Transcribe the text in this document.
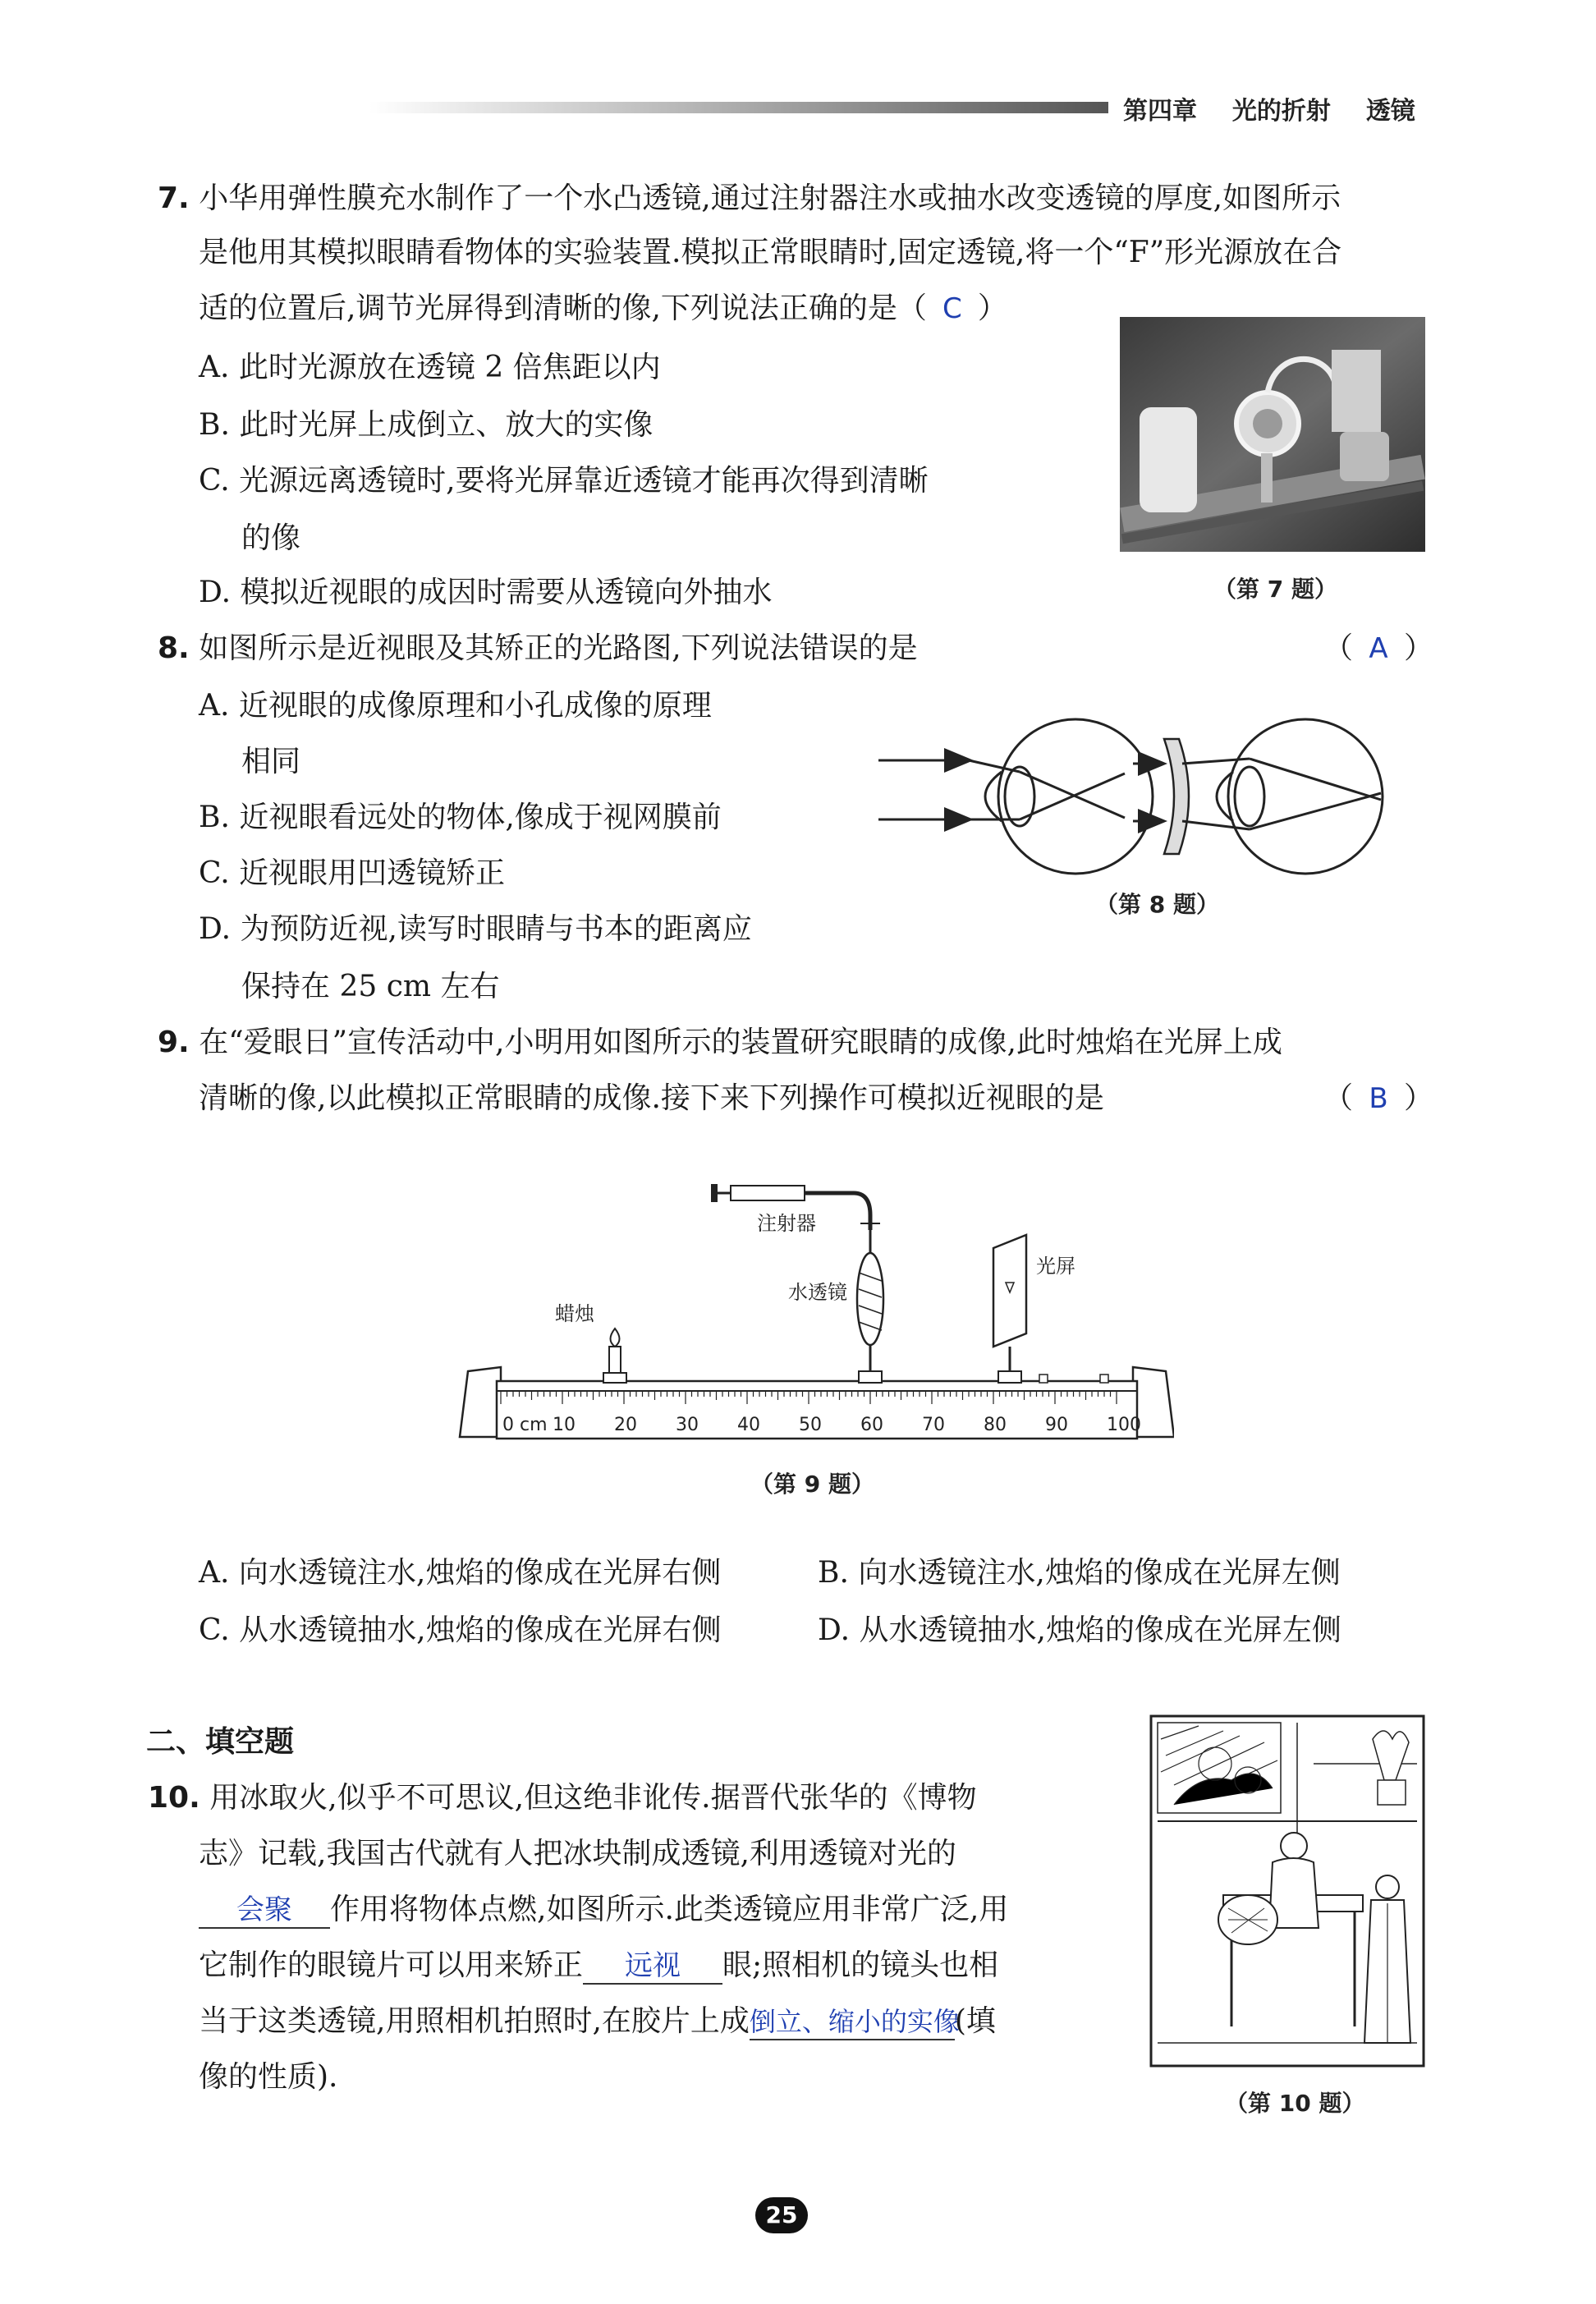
第四章 光的折射 透镜
7. 小华用弹性膜充水制作了一个水凸透镜,通过注射器注水或抽水改变透镜的厚度,如图所示
是他用其模拟眼睛看物体的实验装置.模拟正常眼睛时,固定透镜,将一个“F”形光源放在合
适的位置后,调节光屏得到清晰的像,下列说法正确的是（ C ）
A. 此时光源放在透镜 2 倍焦距以内
B. 此时光屏上成倒立、放大的实像
C. 光源远离透镜时,要将光屏靠近透镜才能再次得到清晰
的像
D. 模拟近视眼的成因时需要从透镜向外抽水	（第 7 题）
8. 如图所示是近视眼及其矫正的光路图,下列说法错误的是	（ A ）
A. 近视眼的成像原理和小孔成像的原理
相同
B. 近视眼看远处的物体,像成于视网膜前
C. 近视眼用凹透镜矫正
D. 为预防近视,读写时眼睛与书本的距离应
保持在 25 cm 左右
（第 8 题）
9. 在“爱眼日”宣传活动中,小明用如图所示的装置研究眼睛的成像,此时烛焰在光屏上成
清晰的像,以此模拟正常眼睛的成像.接下来下列操作可模拟近视眼的是	（ B ）
注射器
水透镜
光屏
蜡烛
0 cm 10 20 30 40 50 60 70 80 90 100
（第 9 题）
A. 向水透镜注水,烛焰的像成在光屏右侧	B. 向水透镜注水,烛焰的像成在光屏左侧
C. 从水透镜抽水,烛焰的像成在光屏右侧	D. 从水透镜抽水,烛焰的像成在光屏左侧
二、填空题
10. 用冰取火,似乎不可思议,但这绝非讹传.据晋代张华的《博物
志》记载,我国古代就有人把冰块制成透镜,利用透镜对光的
会聚 作用将物体点燃,如图所示.此类透镜应用非常广泛,用
它制作的眼镜片可以用来矫正 远视 眼;照相机的镜头也相
当于这类透镜,用照相机拍照时,在胶片上成倒立、缩小的实像(填
像的性质).
（第 10 题）
25
